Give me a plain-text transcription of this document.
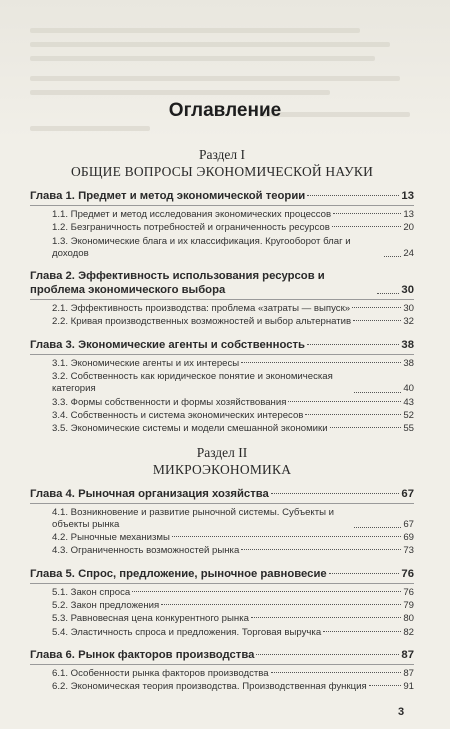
Оглавление
Раздел I
ОБЩИЕ ВОПРОСЫ ЭКОНОМИЧЕСКОЙ НАУКИ
Глава 1. Предмет и метод экономической теории	13
1.1. Предмет и метод исследования экономических процессов	13
1.2. Безграничность потребностей и ограниченность ресурсов	20
1.3. Экономические блага и их классификация. Кругооборот благ и доходов	24
Глава 2. Эффективность использования ресурсов и проблема экономического выбора	30
2.1. Эффективность производства: проблема «затраты — выпуск»	30
2.2. Кривая производственных возможностей и выбор альтернатив	32
Глава 3. Экономические агенты и собственность	38
3.1. Экономические агенты и их интересы	38
3.2. Собственность как юридическое понятие и экономическая категория	40
3.3. Формы собственности и формы хозяйствования	43
3.4. Собственность и система экономических интересов	52
3.5. Экономические системы и модели смешанной экономики	55
Раздел II
МИКРОЭКОНОМИКА
Глава 4. Рыночная организация хозяйства	67
4.1. Возникновение и развитие рыночной системы. Субъекты и объекты рынка	67
4.2. Рыночные механизмы	69
4.3. Ограниченность возможностей рынка	73
Глава 5. Спрос, предложение, рыночное равновесие	76
5.1. Закон спроса	76
5.2. Закон предложения	79
5.3. Равновесная цена конкурентного рынка	80
5.4. Эластичность спроса и предложения. Торговая выручка	82
Глава 6. Рынок факторов производства	87
6.1. Особенности рынка факторов производства	87
6.2. Экономическая теория производства. Производственная функция	91
3
